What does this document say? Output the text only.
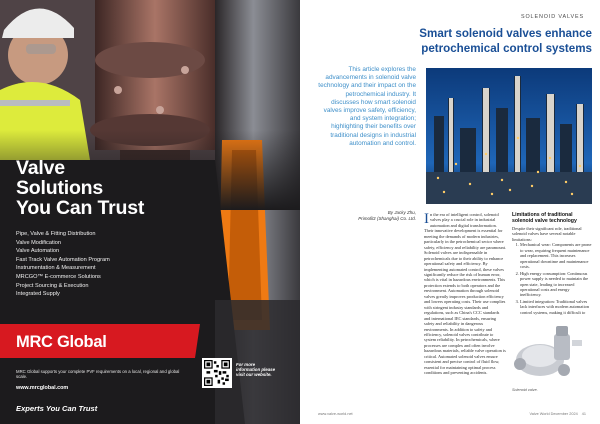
Valve
Solutions
You Can Trust
Pipe, Valve & Fitting Distribution
Valve Modification
Valve Automation
Fast Track Valve Automation Program
Instrumentation & Measurement
MRCGO™ E-commerce Solutions
Project Sourcing & Execution
Integrated Supply
MRC Global
MRC Global supports your complete PVF requirements on a local, regional and global scale.
www.mrcglobal.com
Experts You Can Trust
For more information please visit our website.
SOLENOID VALVES
Smart solenoid valves enhance petrochemical control systems

This article explores the advancements in solenoid valve technology and their impact on the petrochemical industry. It discusses how smart solenoid valves improve safety, efficiency, and system integration; highlighting their benefits over traditional designs in industrial automation and control.

By Jacky Zhu,
Primofitz (Shanghai) Co. Ltd. I n the era of intelligent control, solenoid valves play a crucial role in industrial automation and digital transformation. Their innovative development is essential for meeting the demands of modern industries, particularly in the petrochemical sector where safety, efficiency and reliability are paramount. Solenoid valves are indispensable in petrochemicals due to their ability to enhance operational safety and efficiency. By implementing automated control, these valves significantly reduce the risk of human error, which is vital in hazardous environments. This protection extends to both operators and the environment. Automation through solenoid valves greatly improves production efficiency and lowers operating costs. Their use complies with stringent industry standards and regulations, such as China's CCC standards and international IEC standards, ensuring safety and reliability in dangerous environments. In addition to safety and efficiency, solenoid valves contribute to system reliability. In petrochemicals, where processes are complex and often involve hazardous materials, reliable valve operation is critical. Automated solenoid valves ensure consistent and precise control of fluid flow, essential for maintaining optimal process conditions and preventing accidents.
Limitations of traditional solenoid valve technology

Despite their significant role, traditional solenoid valves have several notable limitations:

1. Mechanical wear: Components are prone to wear, requiring frequent maintenance and replacement. This increases operational downtime and maintenance costs.
2. High energy consumption: Continuous power supply is needed to maintain the open state, leading to increased operational costs and energy inefficiency.
3. Limited integration: Traditional valves lack interfaces with modern automation control systems, making it difficult to
Solenoid valve.
www.valve-world.net	Valve World December 2024 41
